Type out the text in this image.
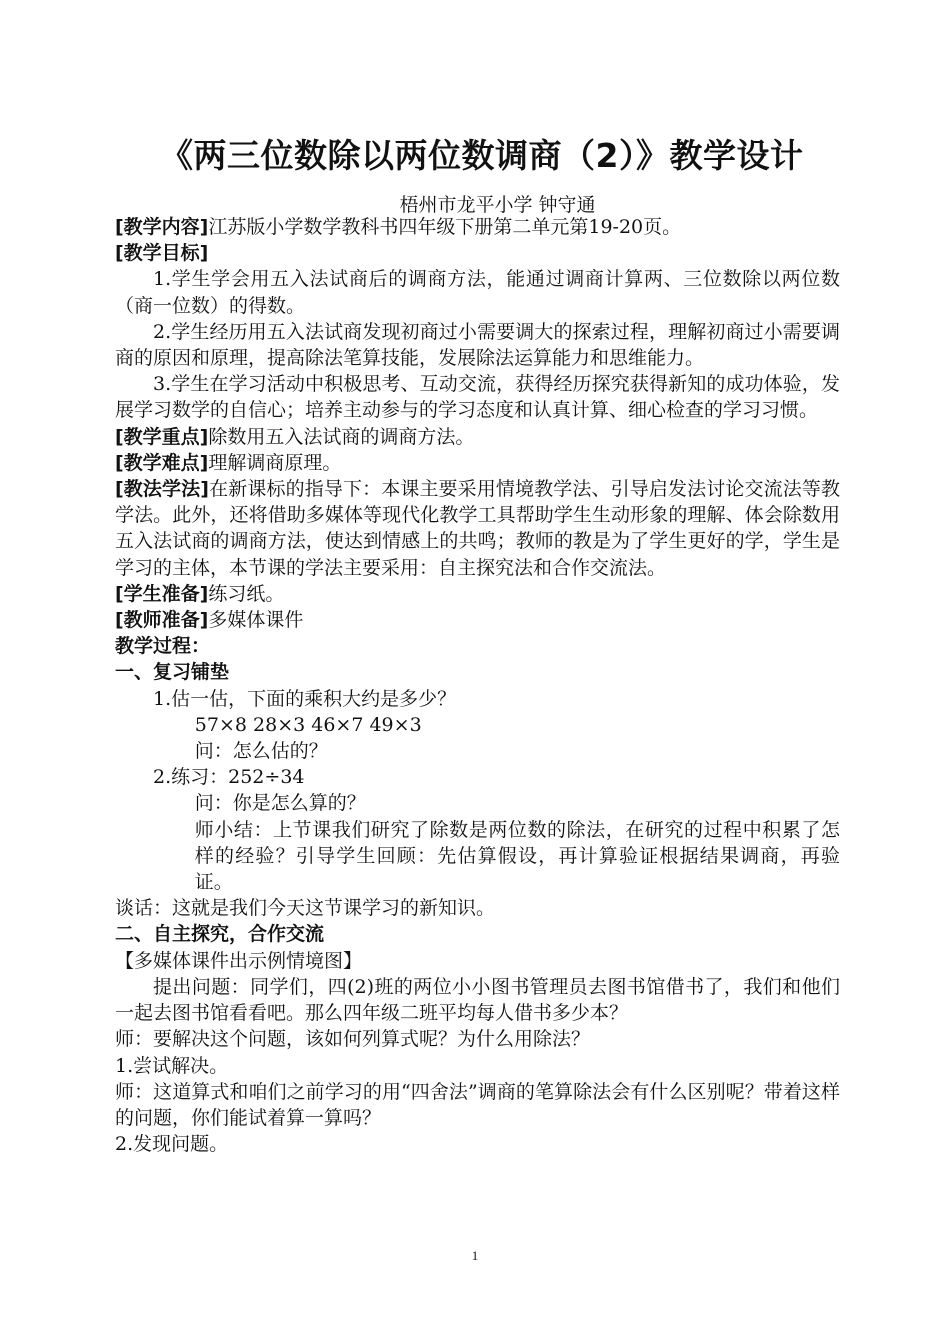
《两三位数除以两位数调商（2）》教学设计
梧州市龙平小学 钟守通

[教学内容]江苏版小学数学教科书四年级下册第二单元第19-20页。

[教学目标]

1.学生学会用五入法试商后的调商方法，能通过调商计算两、三位数除以两位数（商一位数）的得数。

2.学生经历用五入法试商发现初商过小需要调大的探索过程，理解初商过小需要调商的原因和原理，提高除法笔算技能，发展除法运算能力和思维能力。

3.学生在学习活动中积极思考、互动交流，获得经历探究获得新知的成功体验，发展学习数学的自信心；培养主动参与的学习态度和认真计算、细心检查的学习习惯。

[教学重点]除数用五入法试商的调商方法。

[教学难点]理解调商原理。

[教法学法]在新课标的指导下：本课主要采用情境教学法、引导启发法讨论交流法等教学法。此外，还将借助多媒体等现代化教学工具帮助学生生动形象的理解、体会除数用五入法试商的调商方法，使达到情感上的共鸣；教师的教是为了学生更好的学，学生是学习的主体，本节课的学法主要采用：自主探究法和合作交流法。

[学生准备]练习纸。

[教师准备]多媒体课件

教学过程：

一、复习铺垫

1.估一估，下面的乘积大约是多少？

57×8 28×3 46×7 49×3

问：怎么估的？

2.练习：252÷34

问：你是怎么算的？

师小结：上节课我们研究了除数是两位数的除法，在研究的过程中积累了怎样的经验？引导学生回顾：先估算假设，再计算验证根据结果调商，再验证。

谈话：这就是我们今天这节课学习的新知识。

二、自主探究，合作交流

【多媒体课件出示例情境图】

提出问题：同学们，四(2)班的两位小小图书管理员去图书馆借书了，我们和他们一起去图书馆看看吧。那么四年级二班平均每人借书多少本？

师：要解决这个问题，该如何列算式呢？为什么用除法？

1.尝试解决。

师：这道算式和咱们之前学习的用“四舍法”调商的笔算除法会有什么区别呢？带着这样的问题，你们能试着算一算吗？

2.发现问题。

1
